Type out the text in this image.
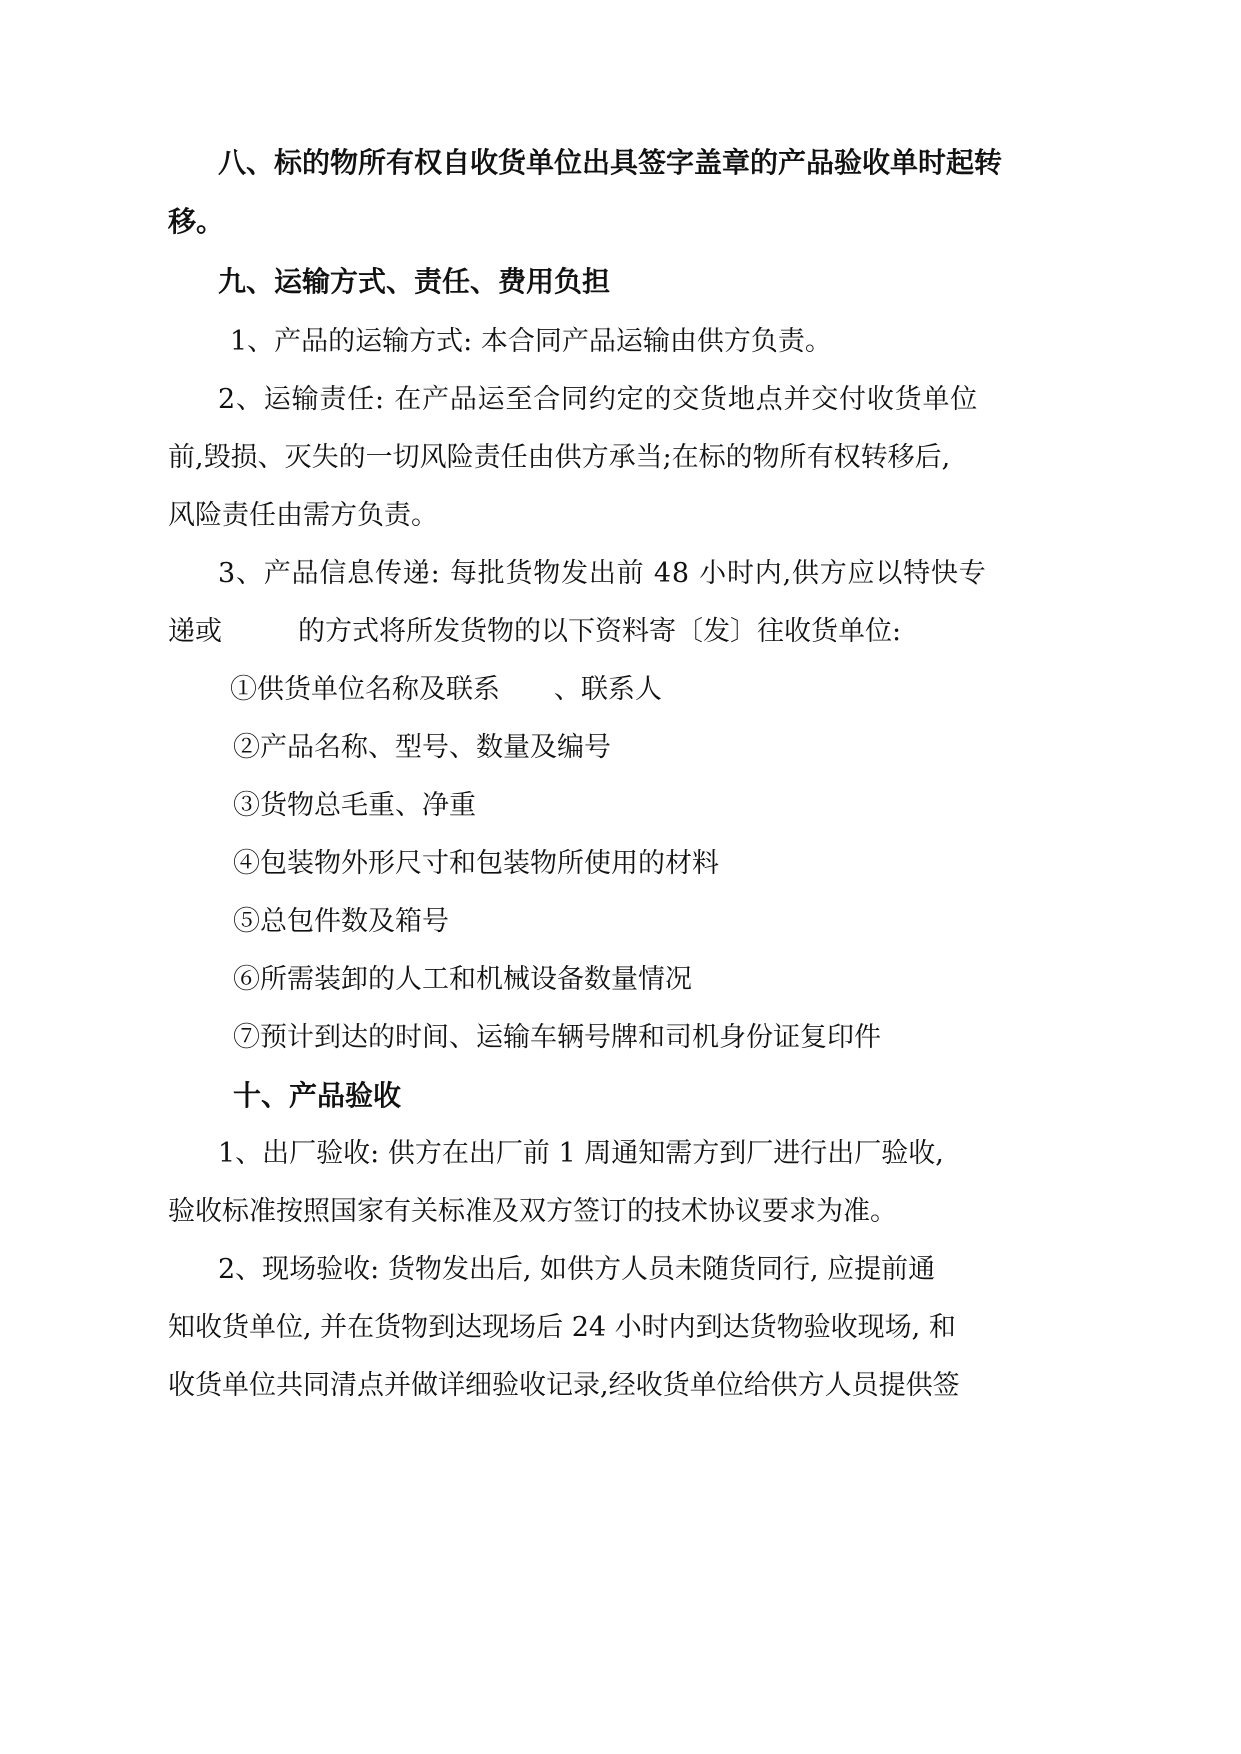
八、标的物所有权自收货单位出具签字盖章的产品验收单时起转
移。
九、运输方式、责任、费用负担
1、产品的运输方式: 本合同产品运输由供方负责。
2、运输责任: 在产品运至合同约定的交货地点并交付收货单位
前,毁损、灭失的一切风险责任由供方承当;在标的物所有权转移后,
风险责任由需方负责。
3、产品信息传递: 每批货物发出前 48 小时内,供方应以特快专
递或	的方式将所发货物的以下资料寄〔发〕往收货单位:
①供货单位名称及联系　　、联系人
②产品名称、型号、数量及编号
③货物总毛重、净重
④包装物外形尺寸和包装物所使用的材料
⑤总包件数及箱号
⑥所需装卸的人工和机械设备数量情况
⑦预计到达的时间、运输车辆号牌和司机身份证复印件
十、产品验收
1、出厂验收: 供方在出厂前 1 周通知需方到厂进行出厂验收,
验收标准按照国家有关标准及双方签订的技术协议要求为准。
2、现场验收: 货物发出后, 如供方人员未随货同行, 应提前通
知收货单位, 并在货物到达现场后 24 小时内到达货物验收现场, 和
收货单位共同清点并做详细验收记录,经收货单位给供方人员提供签
